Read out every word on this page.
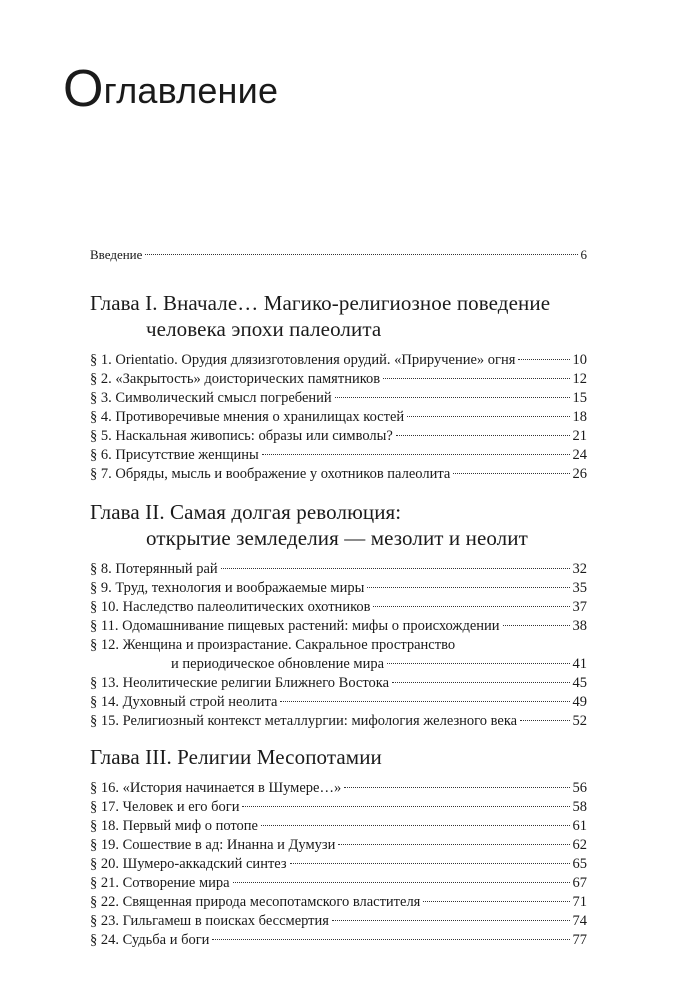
Оглавление
Введение	6
Глава I. Вначале… Магико-религиозное поведение
человека эпохи палеолита
§ 1. Orientatio. Орудия длязизготовления орудий. «Приручение» огня	10
§ 2. «Закрытость» доисторических памятников	12
§ 3. Символический смысл погребений	15
§ 4. Противоречивые мнения о хранилищах костей	18
§ 5. Наскальная живопись: образы или символы?	21
§ 6. Присутствие женщины	24
§ 7. Обряды, мысль и воображение у охотников палеолита	26
Глава II. Самая долгая революция:
открытие земледелия — мезолит и неолит
§ 8. Потерянный рай	32
§ 9. Труд, технология и воображаемые миры	35
§ 10. Наследство палеолитических охотников	37
§ 11. Одомашнивание пищевых растений: мифы о происхождении	38
§ 12. Женщина и произрастание. Сакральное пространство
и периодическое обновление мира	41
§ 13. Неолитические религии Ближнего Востока	45
§ 14. Духовный строй неолита	49
§ 15. Религиозный контекст металлургии: мифология железного века	52
Глава III. Религии Месопотамии
§ 16. «История начинается в Шумере…»	56
§ 17. Человек и его боги	58
§ 18. Первый миф о потопе	61
§ 19. Сошествие в ад: Инанна и Думузи	62
§ 20. Шумеро-аккадский синтез	65
§ 21. Сотворение мира	67
§ 22. Священная природа месопотамского властителя	71
§ 23. Гильгамеш в поисках бессмертия	74
§ 24. Судьба и боги	77
